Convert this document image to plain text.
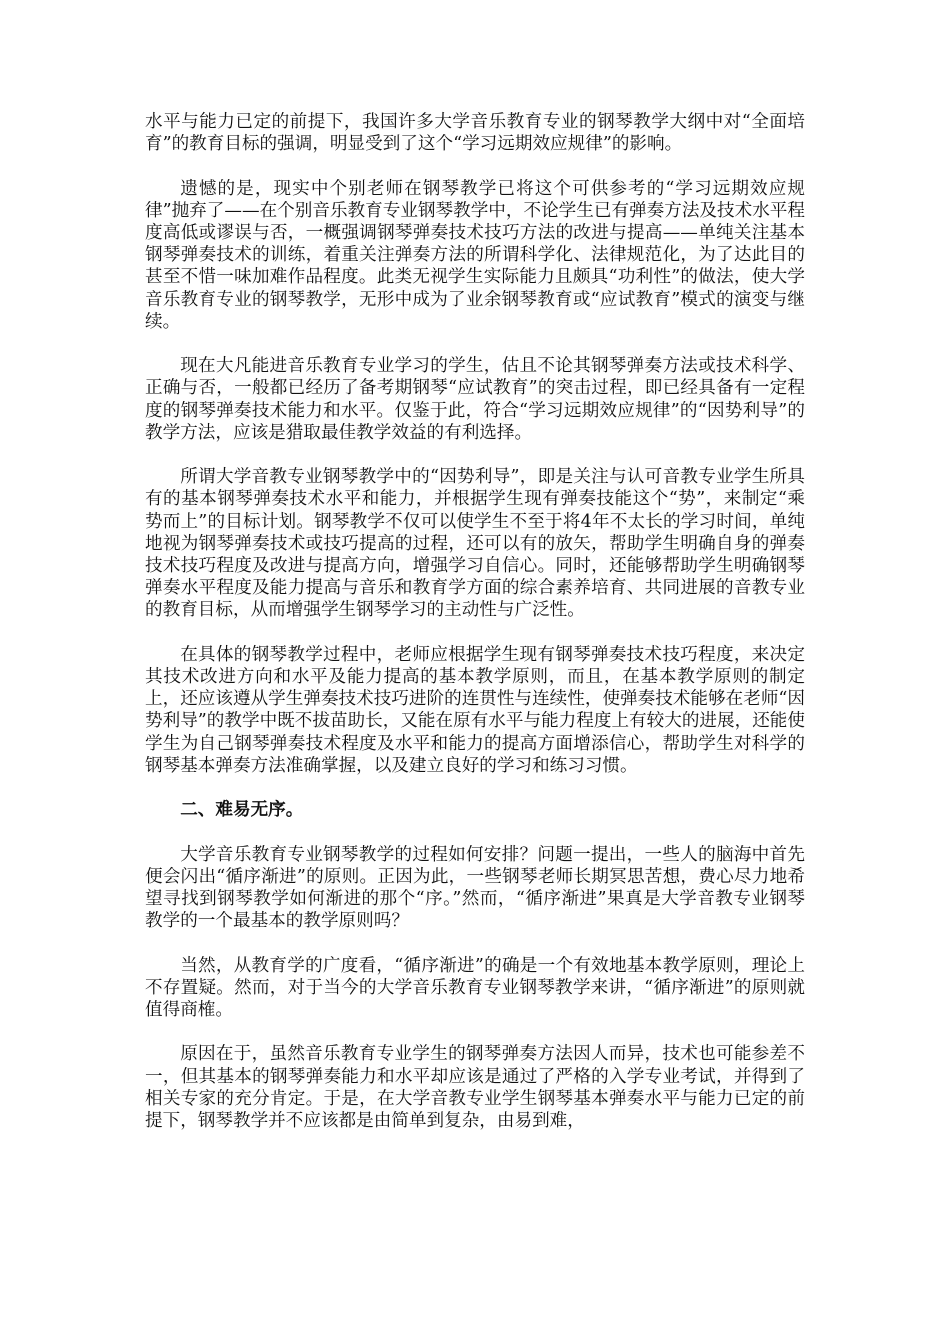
水平与能力已定的前提下，我国许多大学音乐教育专业的钢琴教学大纲中对“全面培育”的教育目标的强调，明显受到了这个“学习远期效应规律”的影响。

遗憾的是，现实中个别老师在钢琴教学已将这个可供参考的“学习远期效应规律”抛弃了——在个别音乐教育专业钢琴教学中，不论学生已有弹奏方法及技术水平程度高低或谬误与否，一概强调钢琴弹奏技术技巧方法的改进与提高——单纯关注基本钢琴弹奏技术的训练，着重关注弹奏方法的所谓科学化、法律规范化，为了达此目的甚至不惜一味加难作品程度。此类无视学生实际能力且颇具“功利性”的做法，使大学音乐教育专业的钢琴教学，无形中成为了业余钢琴教育或“应试教育”模式的演变与继续。

现在大凡能进音乐教育专业学习的学生，估且不论其钢琴弹奏方法或技术科学、正确与否，一般都已经历了备考期钢琴“应试教育”的突击过程，即已经具备有一定程度的钢琴弹奏技术能力和水平。仅鉴于此，符合“学习远期效应规律”的“因势利导”的教学方法，应该是猎取最佳教学效益的有利选择。

所谓大学音教专业钢琴教学中的“因势利导”，即是关注与认可音教专业学生所具有的基本钢琴弹奏技术水平和能力，并根据学生现有弹奏技能这个“势”，来制定“乘势而上”的目标计划。钢琴教学不仅可以使学生不至于将4年不太长的学习时间，单纯地视为钢琴弹奏技术或技巧提高的过程，还可以有的放矢，帮助学生明确自身的弹奏技术技巧程度及改进与提高方向，增强学习自信心。同时，还能够帮助学生明确钢琴弹奏水平程度及能力提高与音乐和教育学方面的综合素养培育、共同进展的音教专业的教育目标，从而增强学生钢琴学习的主动性与广泛性。

在具体的钢琴教学过程中，老师应根据学生现有钢琴弹奏技术技巧程度，来决定其技术改进方向和水平及能力提高的基本教学原则，而且，在基本教学原则的制定上，还应该遵从学生弹奏技术技巧进阶的连贯性与连续性，使弹奏技术能够在老师“因势利导”的教学中既不拔苗助长，又能在原有水平与能力程度上有较大的进展，还能使学生为自己钢琴弹奏技术程度及水平和能力的提高方面增添信心，帮助学生对科学的钢琴基本弹奏方法准确掌握，以及建立良好的学习和练习习惯。

二、难易无序。

大学音乐教育专业钢琴教学的过程如何安排？问题一提出，一些人的脑海中首先便会闪出“循序渐进”的原则。正因为此，一些钢琴老师长期冥思苦想，费心尽力地希望寻找到钢琴教学如何渐进的那个“序。”然而，“循序渐进”果真是大学音教专业钢琴教学的一个最基本的教学原则吗？

当然，从教育学的广度看，“循序渐进”的确是一个有效地基本教学原则，理论上不存置疑。然而，对于当今的大学音乐教育专业钢琴教学来讲，“循序渐进”的原则就值得商榷。

原因在于，虽然音乐教育专业学生的钢琴弹奏方法因人而异，技术也可能参差不一，但其基本的钢琴弹奏能力和水平却应该是通过了严格的入学专业考试，并得到了相关专家的充分肯定。于是，在大学音教专业学生钢琴基本弹奏水平与能力已定的前提下，钢琴教学并不应该都是由简单到复杂，由易到难，
